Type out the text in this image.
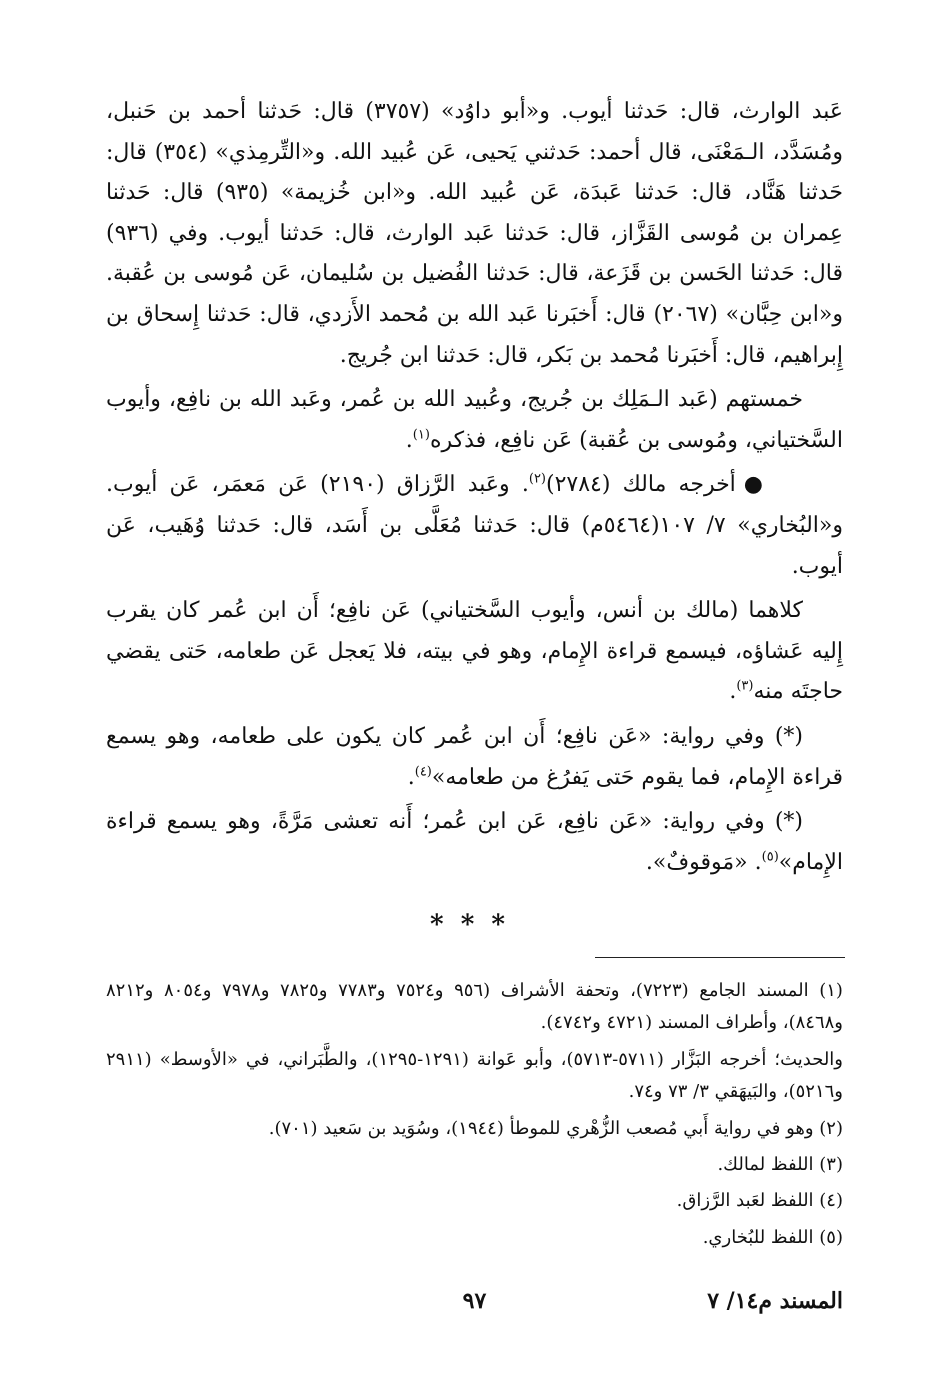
عَبد الوارث، قال: حَدثنا أيوب. و«أبو داوُد» (٣٧٥٧) قال: حَدثنا أحمد بن حَنبل، ومُسَدَّد، الـمَعْنَى، قال أحمد: حَدثني يَحيى، عَن عُبيد الله. و«التِّرمِذي» (٣٥٤) قال: حَدثنا هَنَّاد، قال: حَدثنا عَبدَة، عَن عُبيد الله. و«ابن خُزيمة» (٩٣٥) قال: حَدثنا عِمران بن مُوسى القَزَّاز، قال: حَدثنا عَبد الوارث، قال: حَدثنا أيوب. وفي (٩٣٦) قال: حَدثنا الحَسن بن قَزَعة، قال: حَدثنا الفُضيل بن سُليمان، عَن مُوسى بن عُقبة. و«ابن حِبَّان» (٢٠٦٧) قال: أَخبَرنا عَبد الله بن مُحمد الأَزدي، قال: حَدثنا إِسحاق بن إِبراهيم، قال: أَخبَرنا مُحمد بن بَكر، قال: حَدثنا ابن جُريج.

خمستهم (عَبد الـمَلِك بن جُريج، وعُبيد الله بن عُمر، وعَبد الله بن نافِع، وأيوب السَّختياني، ومُوسى بن عُقبة) عَن نافِع، فذكره$^{(١)}$.

●أخرجه مالك (٢٧٨٤)$^{(٢)}$. وعَبد الرَّزاق (٢١٩٠) عَن مَعمَر، عَن أيوب. و«البُخاري» ٧/ ١٠٧(٥٤٦٤م) قال: حَدثنا مُعَلَّى بن أَسَد، قال: حَدثنا وُهَيب، عَن أيوب.

كلاهما (مالك بن أنس، وأيوب السَّختياني) عَن نافِع؛ أَن ابن عُمر كان يقرب إِليه عَشاؤه، فيسمع قراءة الإِمام، وهو في بيته، فلا يَعجل عَن طعامه، حَتى يقضي حاجتَه منه$^{(٣)}$.

(*) وفي رواية: «عَن نافِع؛ أَن ابن عُمر كان يكون على طعامه، وهو يسمع قراءة الإِمام، فما يقوم حَتى يَفرُغ من طعامه»$^{(٤)}$.

(*) وفي رواية: «عَن نافِع، عَن ابن عُمر؛ أَنه تعشى مَرَّةً، وهو يسمع قراءة الإِمام»$^{(٥)}$. «مَوقوفٌ».

* * *

(١) المسند الجامع (٧٢٢٣)، وتحفة الأشراف (٩٥٦ و٧٥٢٤ و٧٧٨٣ و٧٨٢٥ و٧٩٧٨ و٨٠٥٤ و٨٢١٢ و٨٤٦٨)، وأطراف المسند (٤٧٢١ و٤٧٤٢).

والحديث؛ أخرجه البَزَّار (٥٧١١-٥٧١٣)، وأبو عَوانة (١٢٩١-١٢٩٥)، والطَّبَراني، في «الأوسط» (٢٩١١ و٥٢١٦)، والبَيهَقي ٣/ ٧٣ و٧٤.

(٢) وهو في رواية أَبي مُصعب الزُّهْري للموطأ (١٩٤٤)، وسُوَيد بن سَعيد (٧٠١).

(٣) اللفظ لمالك.

(٤) اللفظ لعَبد الرَّزاق.

(٥) اللفظ للبُخاري.

المسند م١٤/ ٧
٩٧
